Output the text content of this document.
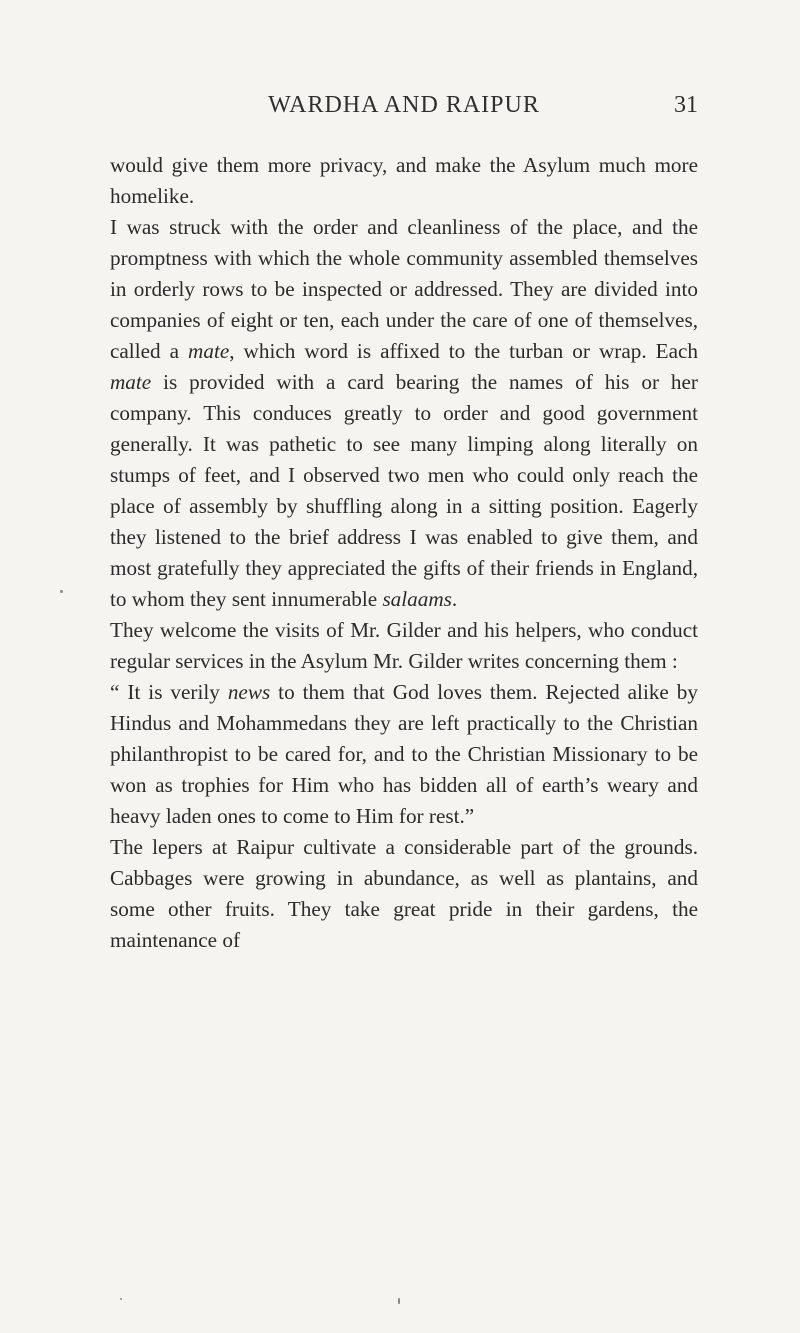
WARDHA AND RAIPUR	31

would give them more privacy, and make the Asylum much more homelike.

I was struck with the order and cleanliness of the place, and the promptness with which the whole community assembled themselves in orderly rows to be inspected or addressed. They are divided into companies of eight or ten, each under the care of one of themselves, called a mate, which word is affixed to the turban or wrap. Each mate is provided with a card bearing the names of his or her company. This conduces greatly to order and good government generally. It was pathetic to see many limping along literally on stumps of feet, and I observed two men who could only reach the place of assembly by shuffling along in a sitting position. Eagerly they listened to the brief address I was enabled to give them, and most gratefully they appreciated the gifts of their friends in England, to whom they sent innumerable salaams.

They welcome the visits of Mr. Gilder and his helpers, who conduct regular services in the Asylum Mr. Gilder writes concerning them :

“ It is verily news to them that God loves them. Rejected alike by Hindus and Mohammedans they are left practically to the Christian philanthropist to be cared for, and to the Christian Missionary to be won as trophies for Him who has bidden all of earth’s weary and heavy laden ones to come to Him for rest.”

The lepers at Raipur cultivate a considerable part of the grounds. Cabbages were growing in abundance, as well as plantains, and some other fruits. They take great pride in their gardens, the maintenance of
